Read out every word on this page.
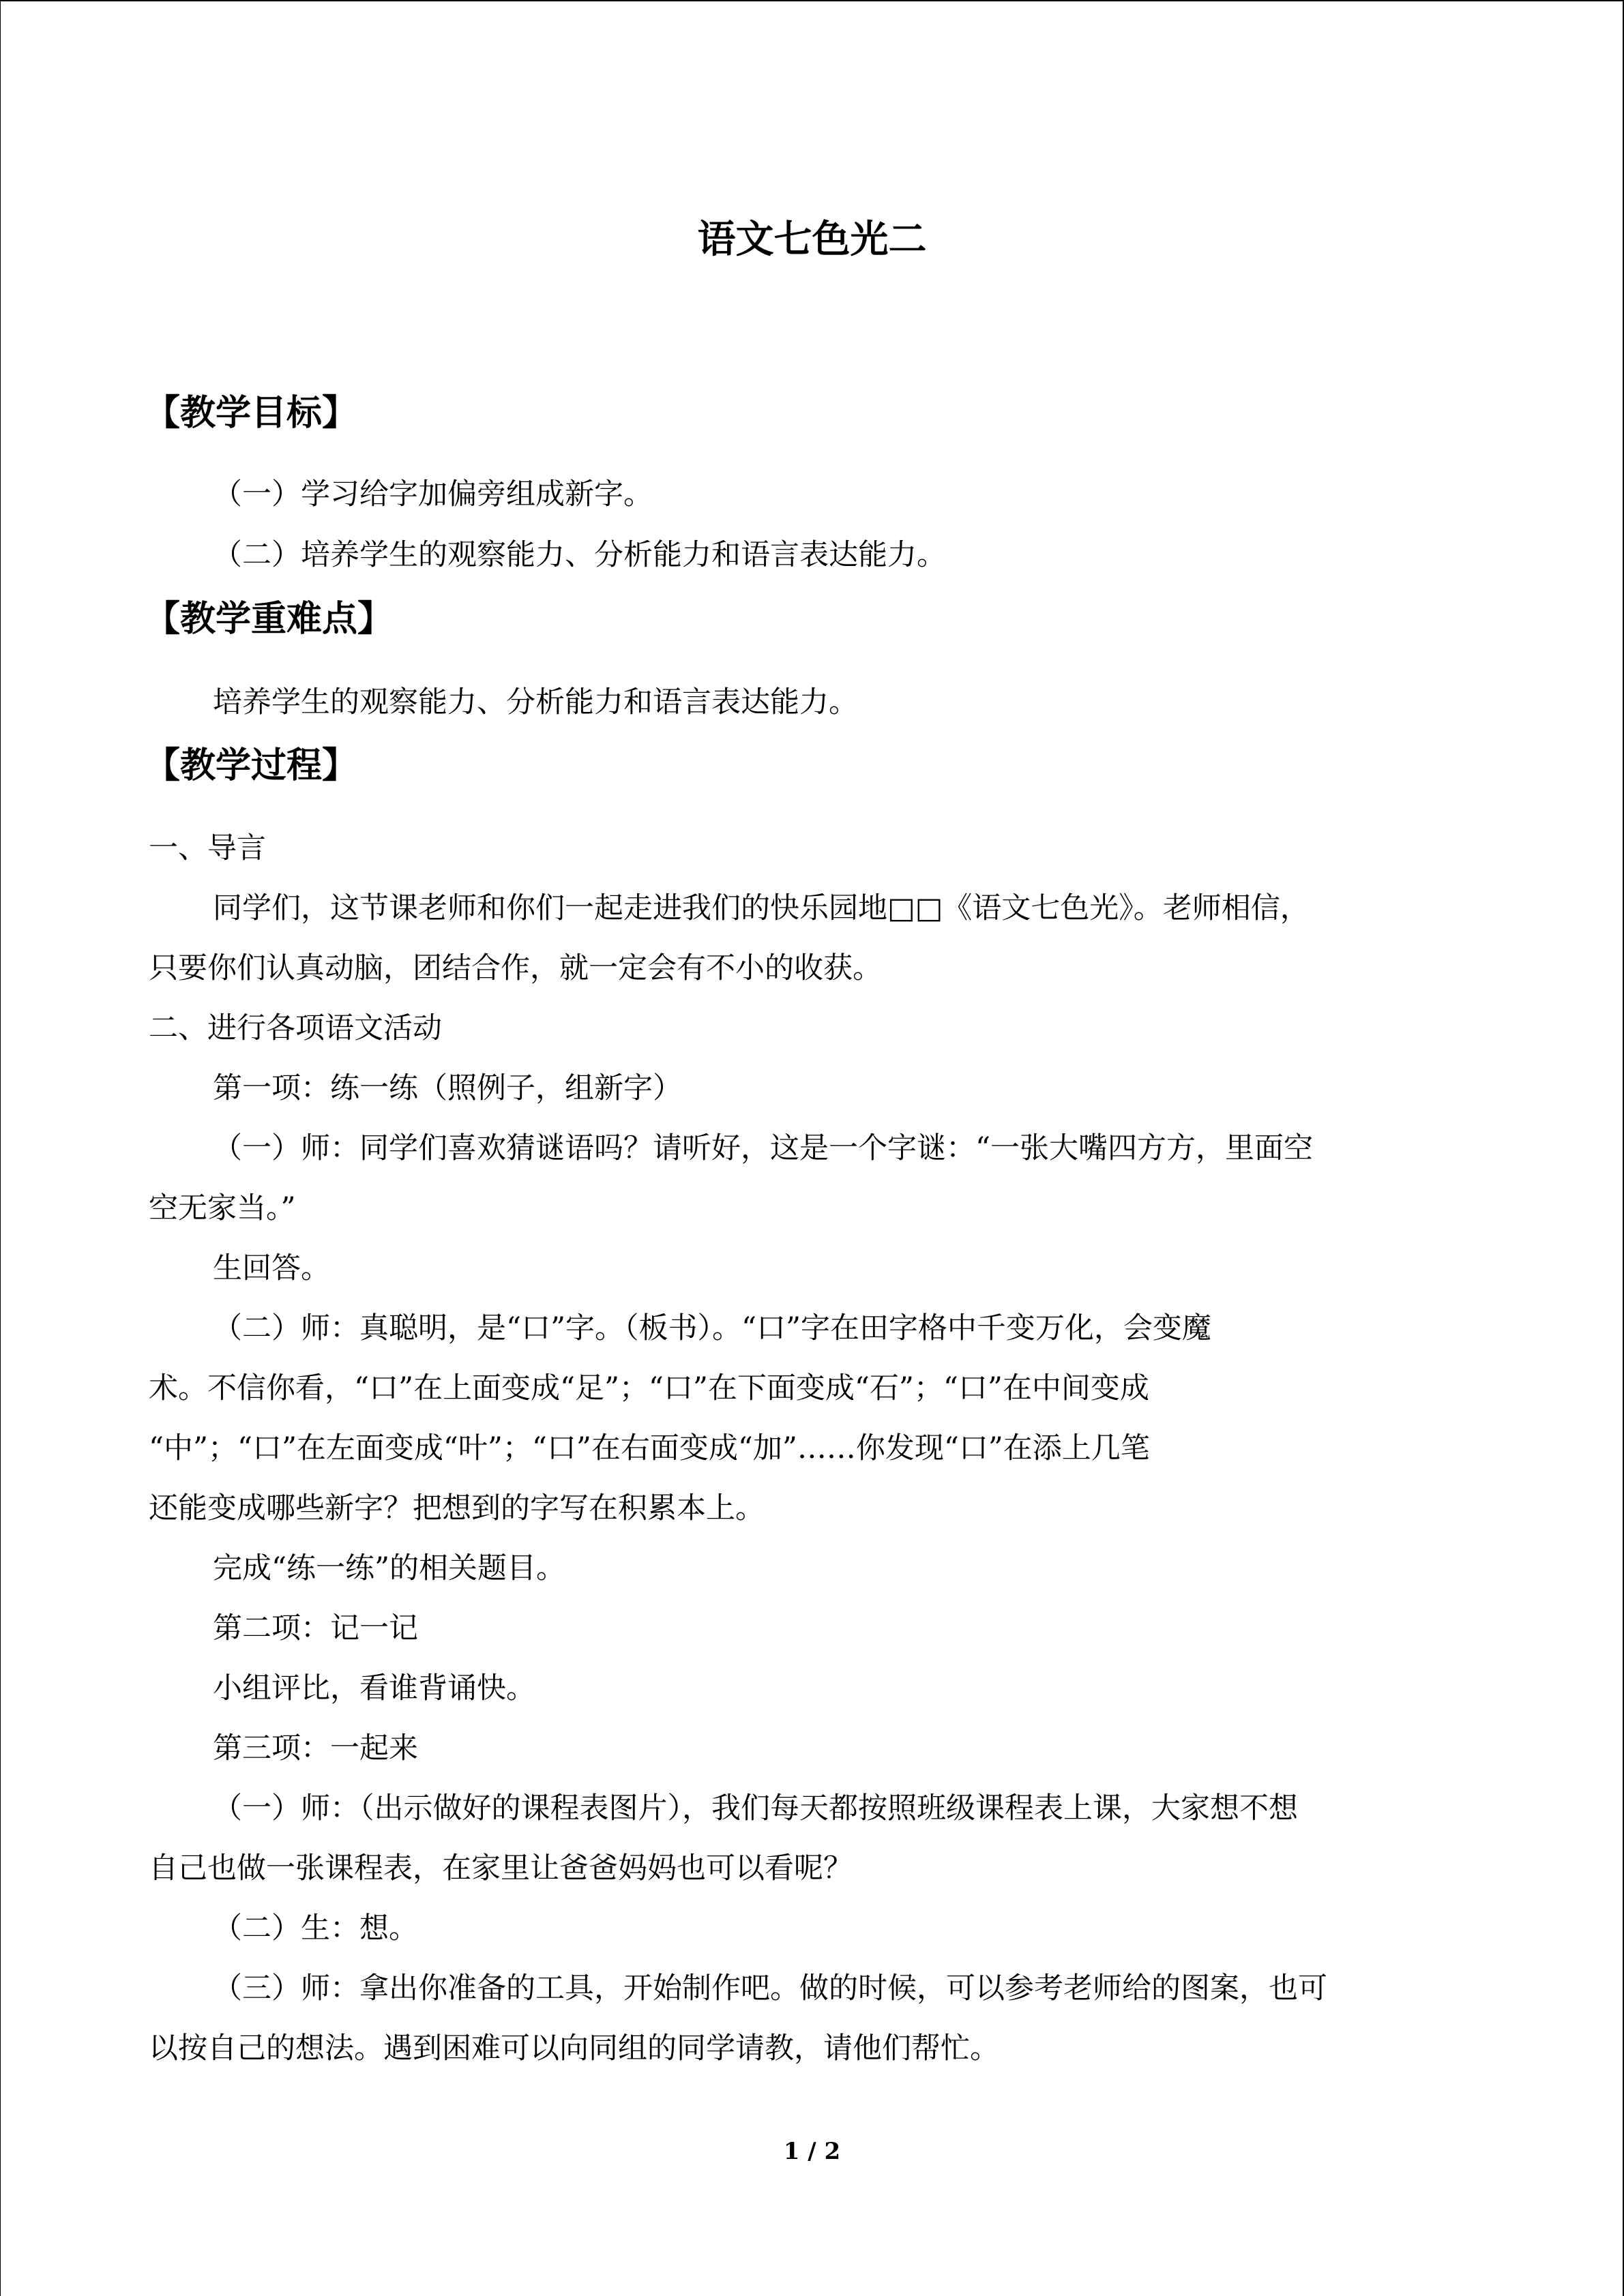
语文七色光二
【教学目标】

（一）学习给字加偏旁组成新字。

（二）培养学生的观察能力、分析能力和语言表达能力。

【教学重难点】

培养学生的观察能力、分析能力和语言表达能力。

【教学过程】

一、导言

同学们，这节课老师和你们一起走进我们的快乐园地□□《语文七色光》。老师相信，

只要你们认真动脑，团结合作，就一定会有不小的收获。

二、进行各项语文活动

第一项：练一练（照例子，组新字）

（一）师：同学们喜欢猜谜语吗？请听好，这是一个字谜：“一张大嘴四方方，里面空

空无家当。”

生回答。

（二）师：真聪明，是“口”字。（板书）。“口”字在田字格中千变万化，会变魔

术。不信你看，“口”在上面变成“足”；“口”在下面变成“石”；“口”在中间变成

“中”；“口”在左面变成“叶”；“口”在右面变成“加”……你发现“口”在添上几笔

还能变成哪些新字？把想到的字写在积累本上。

完成“练一练”的相关题目。

第二项：记一记

小组评比，看谁背诵快。

第三项：一起来

（一）师：（出示做好的课程表图片），我们每天都按照班级课程表上课，大家想不想

自己也做一张课程表，在家里让爸爸妈妈也可以看呢？

（二）生：想。

（三）师：拿出你准备的工具，开始制作吧。做的时候，可以参考老师给的图案，也可

以按自己的想法。遇到困难可以向同组的同学请教，请他们帮忙。

1 / 2
